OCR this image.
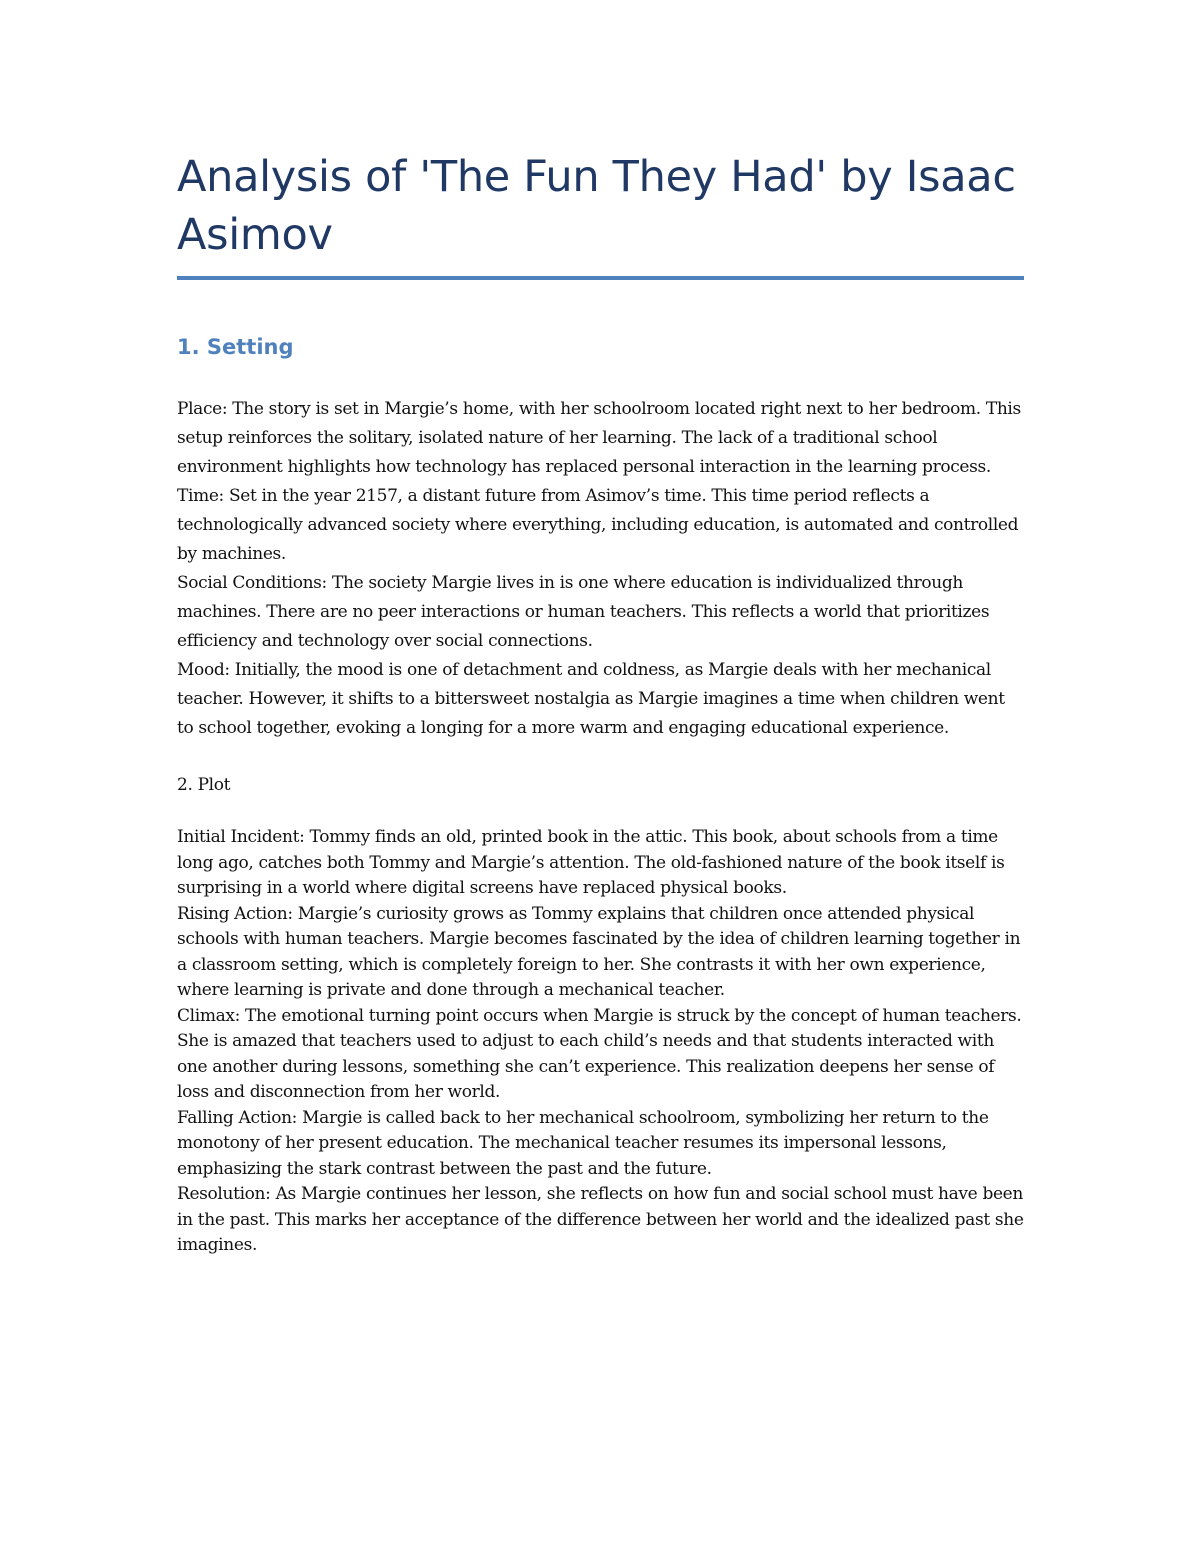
Analysis of 'The Fun They Had' by Isaac Asimov
1. Setting

Place: The story is set in Margie’s home, with her schoolroom located right next to her bedroom. This setup reinforces the solitary, isolated nature of her learning. The lack of a traditional school environment highlights how technology has replaced personal interaction in the learning process.

Time: Set in the year 2157, a distant future from Asimov’s time. This time period reflects a technologically advanced society where everything, including education, is automated and controlled by machines.

Social Conditions: The society Margie lives in is one where education is individualized through machines. There are no peer interactions or human teachers. This reflects a world that prioritizes efficiency and technology over social connections.

Mood: Initially, the mood is one of detachment and coldness, as Margie deals with her mechanical teacher. However, it shifts to a bittersweet nostalgia as Margie imagines a time when children went to school together, evoking a longing for a more warm and engaging educational experience.

2. Plot

Initial Incident: Tommy finds an old, printed book in the attic. This book, about schools from a time long ago, catches both Tommy and Margie’s attention. The old-fashioned nature of the book itself is surprising in a world where digital screens have replaced physical books.

Rising Action: Margie’s curiosity grows as Tommy explains that children once attended physical schools with human teachers. Margie becomes fascinated by the idea of children learning together in a classroom setting, which is completely foreign to her. She contrasts it with her own experience, where learning is private and done through a mechanical teacher.

Climax: The emotional turning point occurs when Margie is struck by the concept of human teachers. She is amazed that teachers used to adjust to each child’s needs and that students interacted with one another during lessons, something she can’t experience. This realization deepens her sense of loss and disconnection from her world.

Falling Action: Margie is called back to her mechanical schoolroom, symbolizing her return to the monotony of her present education. The mechanical teacher resumes its impersonal lessons, emphasizing the stark contrast between the past and the future.

Resolution: As Margie continues her lesson, she reflects on how fun and social school must have been in the past. This marks her acceptance of the difference between her world and the idealized past she imagines.
